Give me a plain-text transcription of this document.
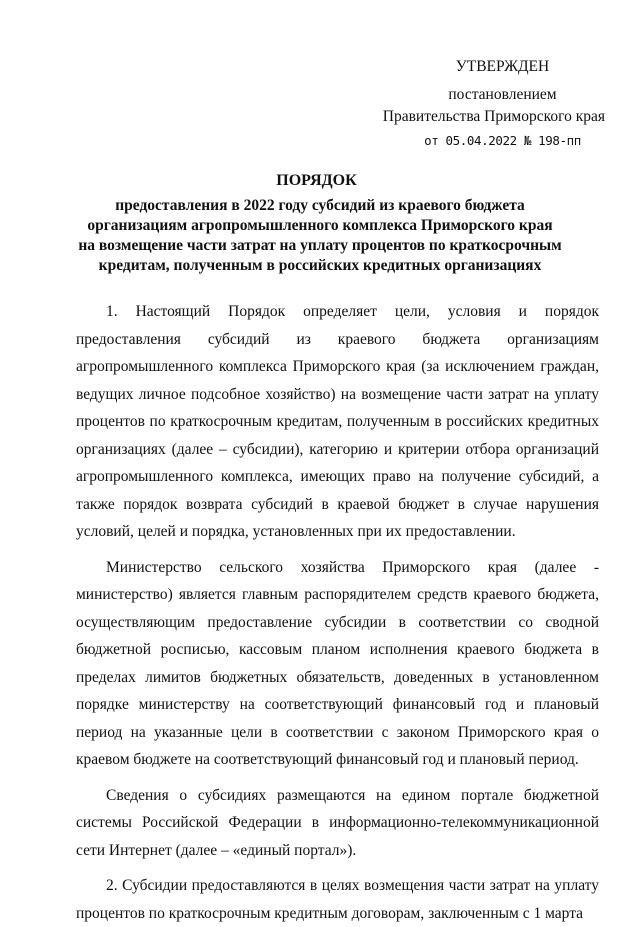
УТВЕРЖДЕН
постановлением
Правительства Приморского края
от 05.04.2022 № 198-пп
ПОРЯДОК
предоставления в 2022 году субсидий из краевого бюджета
организациям агропромышленного комплекса Приморского края
на возмещение части затрат на уплату процентов по краткосрочным
кредитам, полученным в российских кредитных организациях

1. Настоящий Порядок определяет цели, условия и порядок предоставления субсидий из краевого бюджета организациям агропромышленного комплекса Приморского края (за исключением граждан, ведущих личное подсобное хозяйство) на возмещение части затрат на уплату процентов по краткосрочным кредитам, полученным в российских кредитных организациях (далее – субсидии), категорию и критерии отбора организаций агропромышленного комплекса, имеющих право на получение субсидий, а также порядок возврата субсидий в краевой бюджет в случае нарушения условий, целей и порядка, установленных при их предоставлении.

Министерство сельского хозяйства Приморского края (далее - министерство) является главным распорядителем средств краевого бюджета, осуществляющим предоставление субсидии в соответствии со сводной бюджетной росписью, кассовым планом исполнения краевого бюджета в пределах лимитов бюджетных обязательств, доведенных в установленном порядке министерству на соответствующий финансовый год и плановый период на указанные цели в соответствии с законом Приморского края о краевом бюджете на соответствующий финансовый год и плановый период.

Сведения о субсидиях размещаются на едином портале бюджетной системы Российской Федерации в информационно-телекоммуникационной сети Интернет (далее – «единый портал»).

2. Субсидии предоставляются в целях возмещения части затрат на уплату процентов по краткосрочным кредитным договорам, заключенным с 1 марта
